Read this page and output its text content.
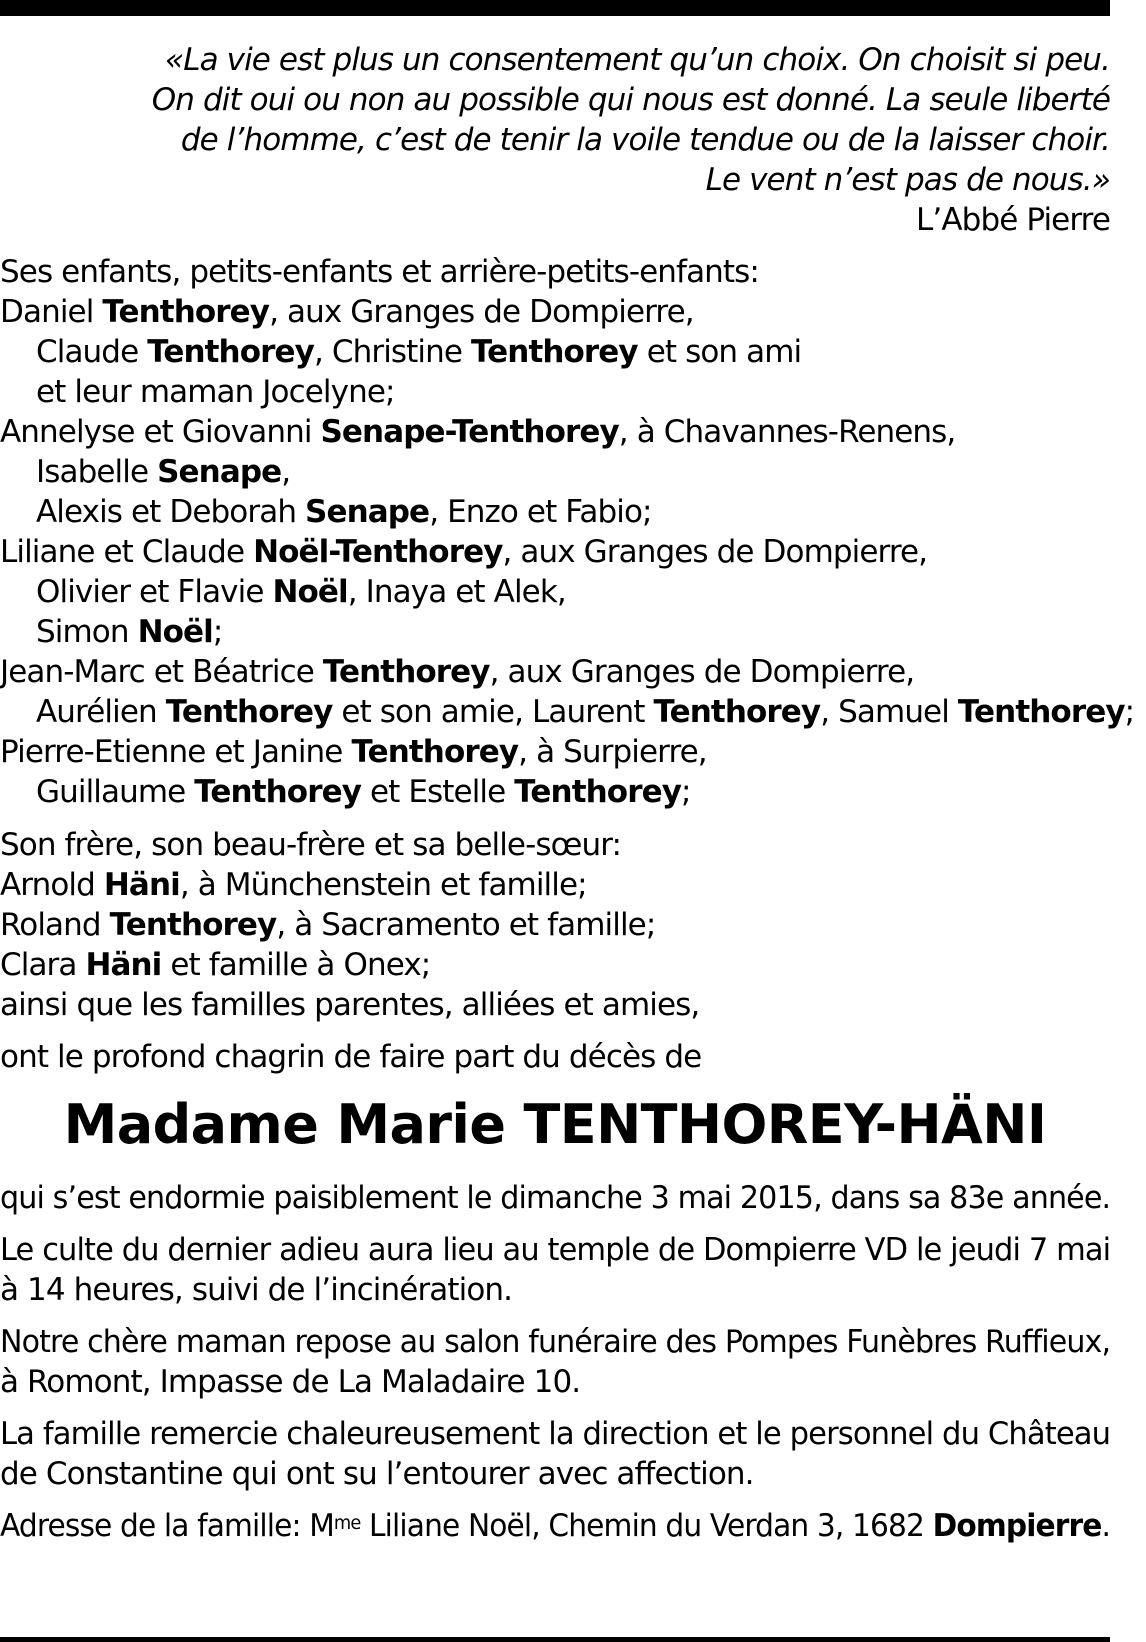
«La vie est plus un consentement qu’un choix. On choisit si peu.

On dit oui ou non au possible qui nous est donné. La seule liberté

de l’homme, c’est de tenir la voile tendue ou de la laisser choir.

Le vent n’est pas de nous.»

L’Abbé Pierre

Ses enfants, petits-enfants et arrière-petits-enfants:

Daniel Tenthorey, aux Granges de Dompierre,

Claude Tenthorey, Christine Tenthorey et son ami

et leur maman Jocelyne;

Annelyse et Giovanni Senape-Tenthorey, à Chavannes-Renens,

Isabelle Senape,

Alexis et Deborah Senape, Enzo et Fabio;

Liliane et Claude Noël-Tenthorey, aux Granges de Dompierre,

Olivier et Flavie Noël, Inaya et Alek,

Simon Noël;

Jean-Marc et Béatrice Tenthorey, aux Granges de Dompierre,

Aurélien Tenthorey et son amie, Laurent Tenthorey, Samuel Tenthorey;

Pierre-Etienne et Janine Tenthorey, à Surpierre,

Guillaume Tenthorey et Estelle Tenthorey;

Son frère, son beau-frère et sa belle-sœur:

Arnold Häni, à Münchenstein et famille;

Roland Tenthorey, à Sacramento et famille;

Clara Häni et famille à Onex;

ainsi que les familles parentes, alliées et amies,

ont le profond chagrin de faire part du décès de

Madame Marie TENTHOREY-HÄNI

qui s’est endormie paisiblement le dimanche 3 mai 2015, dans sa 83e année.

Le culte du dernier adieu aura lieu au temple de Dompierre VD le jeudi 7 mai

à 14 heures, suivi de l’incinération.

Notre chère maman repose au salon funéraire des Pompes Funèbres Ruffieux,

à Romont, Impasse de La Maladaire 10.

La famille remercie chaleureusement la direction et le personnel du Château

de Constantine qui ont su l’entourer avec affection.

Adresse de la famille: $M^{me}$ Liliane Noël, Chemin du Verdan 3, 1682 Dompierre.
